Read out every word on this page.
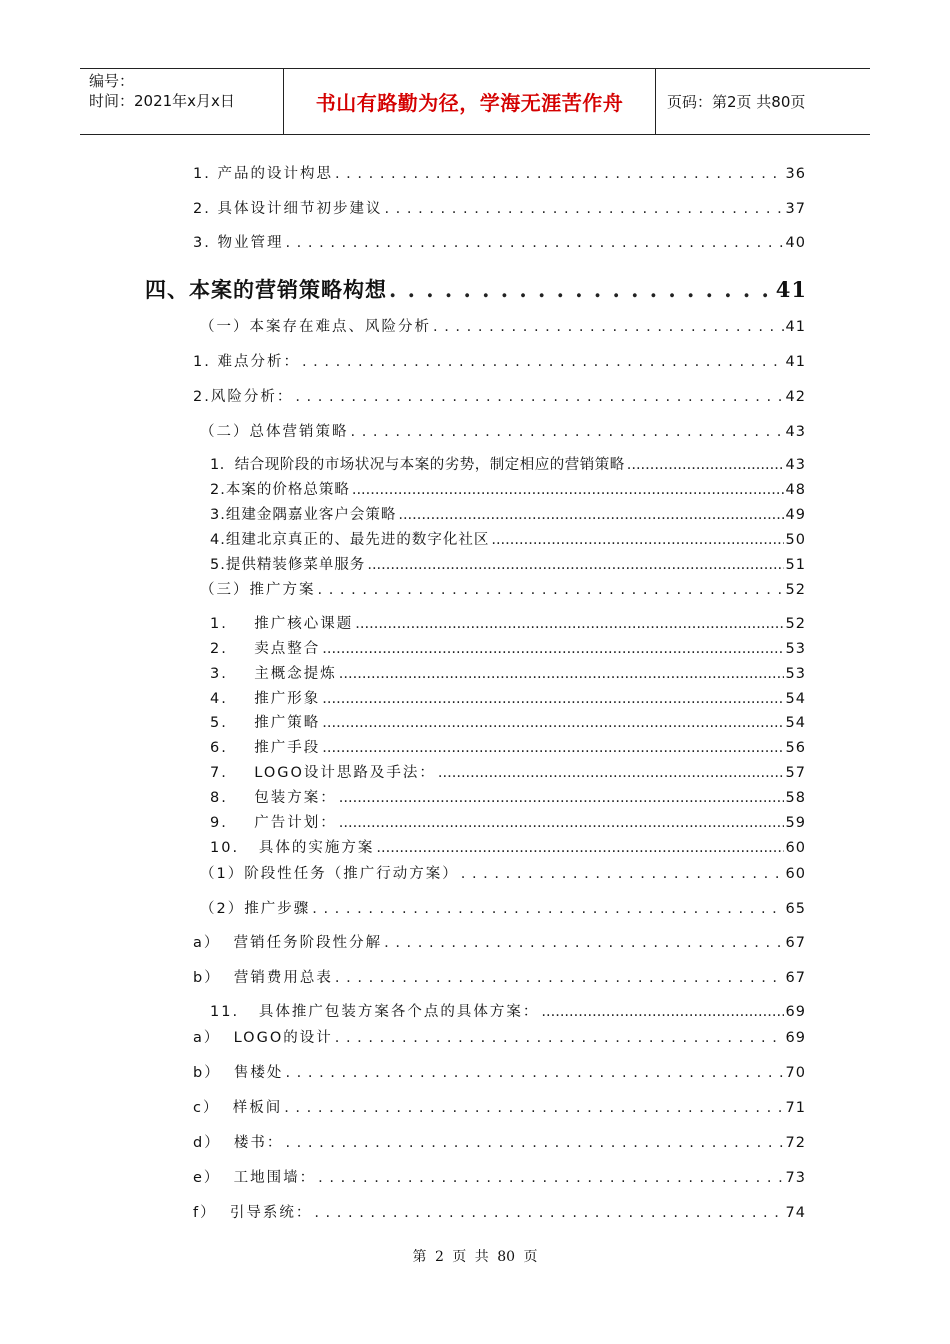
编号：
时间：2021年x月x日	书山有路勤为径，学海无涯苦作舟	页码：第2页 共80页
1. 产品的设计构思 . . .	36
2. 具体设计细节初步建议 . . .	37
3. 物业管理 . . .	40
四、本案的营销策略构想 . . .	41
（一）本案存在难点、风险分析 . . .	41
1. 难点分析： . . .	41
2.风险分析： . . .	42
（二）总体营销策略 . . .	43
1．结合现阶段的市场状况与本案的劣势，制定相应的营销策略 .....	43
2.本案的价格总策略 .....	48
3.组建金隅嘉业客户会策略 .....	49
4.组建北京真正的、最先进的数字化社区 .....	50
5.提供精装修菜单服务 .....	51
（三）推广方案 . . .	52
1.    推广核心课题 .....	52
2.    卖点整合 .....	53
3.    主概念提炼 .....	53
4.    推广形象 .....	54
5.    推广策略 .....	54
6.    推广手段 .....	56
7.    LOGO设计思路及手法： .....	57
8.    包装方案： .....	58
9.    广告计划： .....	59
10.   具体的实施方案 .....	60
（1）阶段性任务（推广行动方案） . . .	60
（2）推广步骤 . . .	65
a）  营销任务阶段性分解 . . .	67
b）  营销费用总表 . . .	67
11.   具体推广包装方案各个点的具体方案： .....	69
a）  LOGO的设计 . . .	69
b）  售楼处 . . .	70
c）  样板间 . . .	71
d）  楼书： . . .	72
e）  工地围墙： . . .	73
f）  引导系统： . . .	74
第 2 页 共 80 页
